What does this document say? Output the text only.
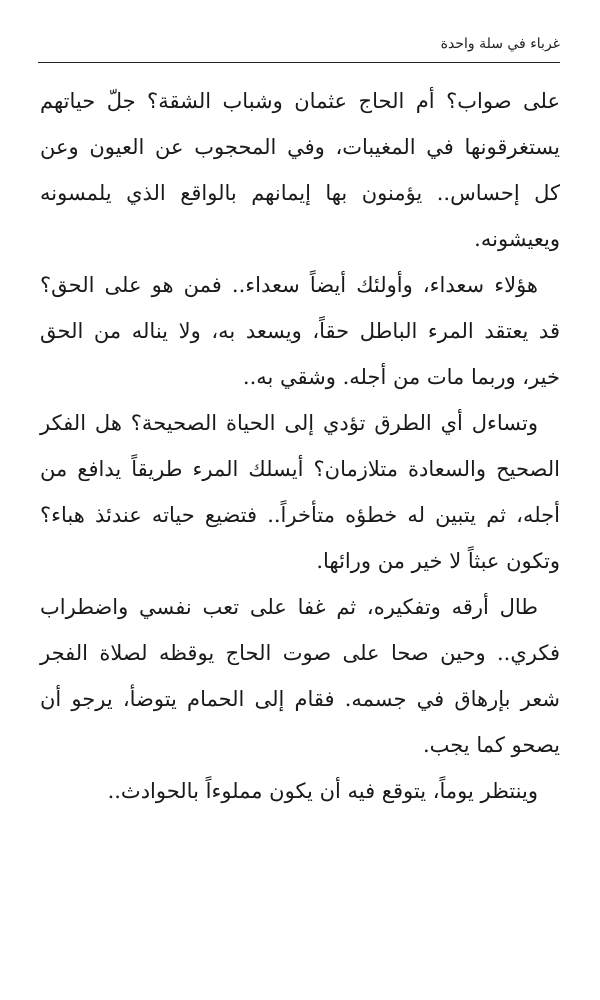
غرباء في سلة واحدة
على صواب؟ أم الحاج عثمان وشباب الشقة؟ جلّ حياتهم
يستغرقونها في المغيبات، وفي المحجوب عن العيون وعن
كل إحساس.. يؤمنون بها إيمانهم بالواقع الذي يلمسونه
ويعيشونه.
هؤلاء سعداء، وأولئك أيضاً سعداء.. فمن هو على الحق؟
قد يعتقد المرء الباطل حقاً، ويسعد به، ولا يناله من الحق
خير، وربما مات من أجله. وشقي به..
وتساءل أي الطرق تؤدي إلى الحياة الصحيحة؟ هل الفكر
الصحيح والسعادة متلازمان؟ أيسلك المرء طريقاً يدافع من
أجله، ثم يتبين له خطؤه متأخراً.. فتضيع حياته عندئذ هباء؟
وتكون عبثاً لا خير من ورائها.
طال أرقه وتفكيره، ثم غفا على تعب نفسي واضطراب
فكري.. وحين صحا على صوت الحاج يوقظه لصلاة الفجر
شعر بإرهاق في جسمه. فقام إلى الحمام يتوضأ، يرجو أن
يصحو كما يجب.
وينتظر يوماً، يتوقع فيه أن يكون مملوءاً بالحوادث..
